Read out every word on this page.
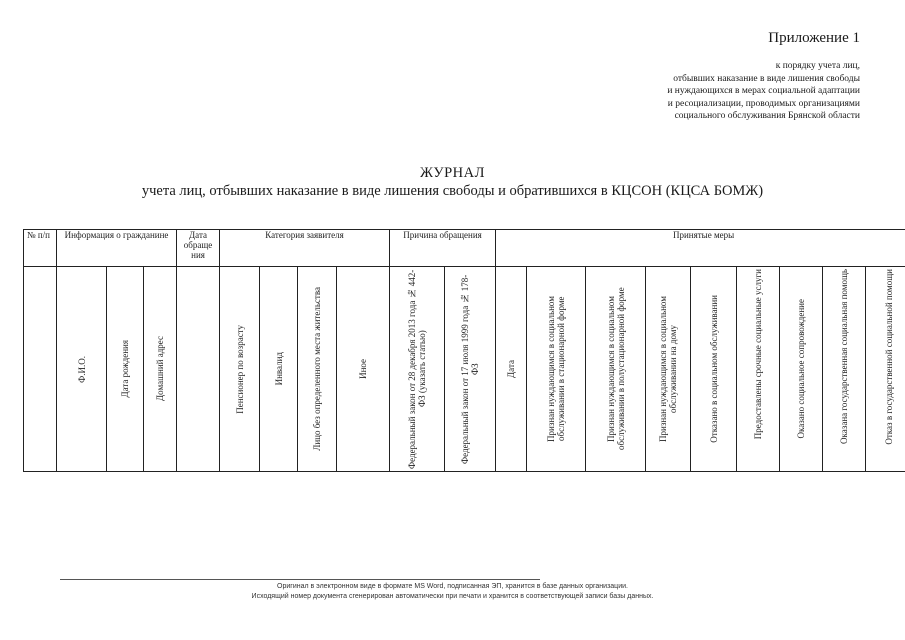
Приложение 1
к порядку учета лиц,
отбывших наказание в виде лишения свободы
и нуждающихся в мерах социальной адаптации
и ресоциализации, проводимых организациями
социального обслуживания Брянской области
ЖУРНАЛ
учета лиц, отбывших наказание в виде лишения свободы и обратившихся в КЦСОН (КЦСА БОМЖ)
№ п/п	Информация о гражданине			Дата обраще ния	Категория заявителя				Причина обращения		Принятые меры								

	Ф.И.О.	Дата рождения	Домашний адрес		Пенсионер по возрасту	Инвалид	Лицо без определенного места жительства	Иное	Федеральный закон от 28 декабря 2013 года № 442-ФЗ (указать статью)	Федеральный закон от 17 июля 1999 года № 178-ФЗ	Дата	Признан нуждающимся в социальном обслуживании в стационарной форме	Признан нуждающимся в социальном обслуживании в полустационарной форме	Признан нуждающимся в социальном обслуживании на дому	Отказано в социальном обслуживании	Предоставлены срочные социальные услуги	Оказано социальное сопровождение	Оказана государственная социальная помощь	Отказ в государственной социальной помощи
Оригинал в электронном виде в формате MS Word, подписанная ЭП, хранится в базе данных организации.
Исходящий номер документа сгенерирован автоматически при печати и хранится в соответствующей записи базы данных.
